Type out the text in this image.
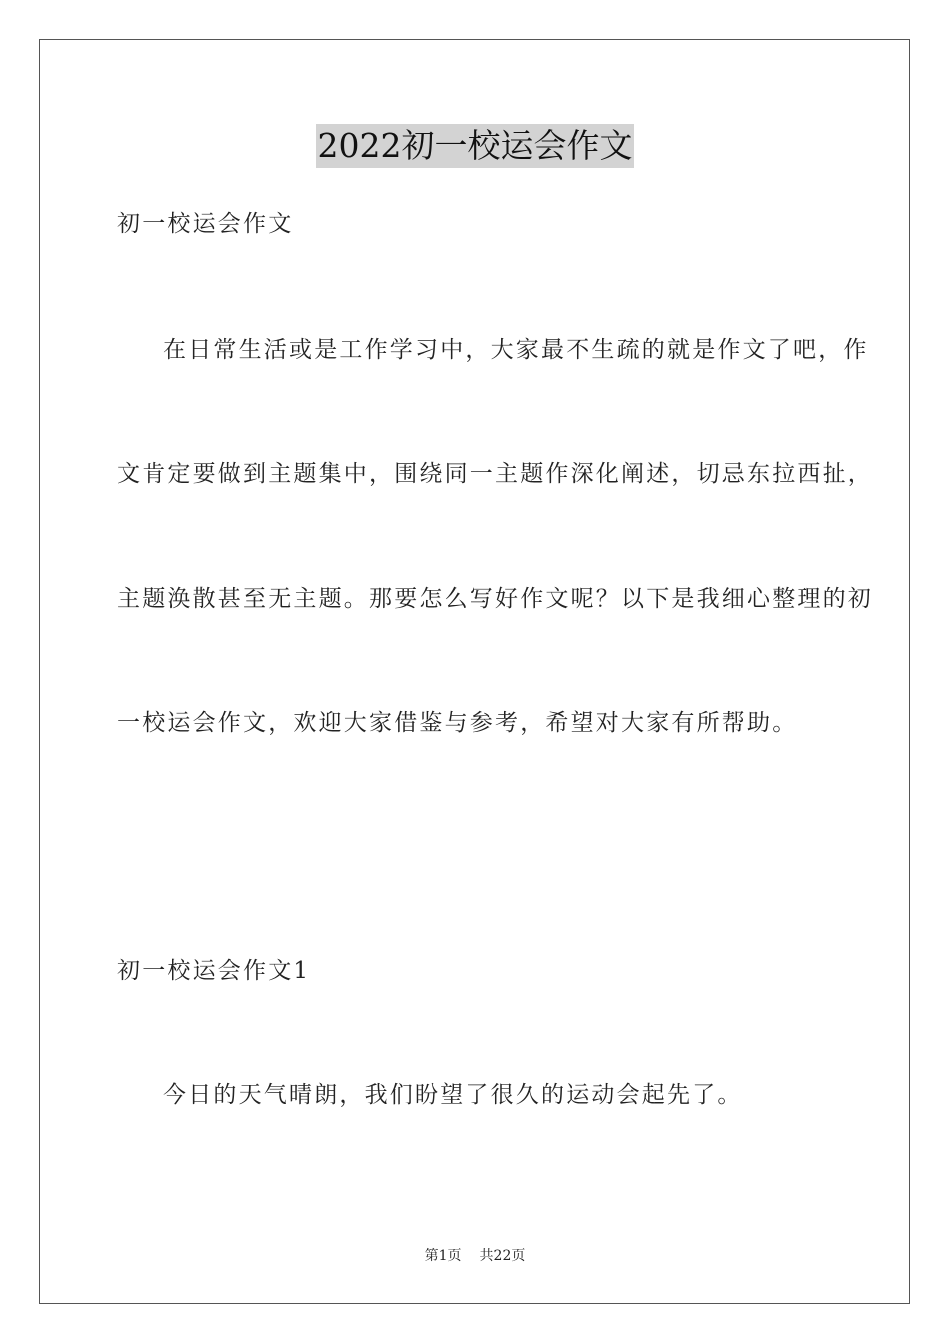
2022初一校运会作文
初一校运会作文
在日常生活或是工作学习中，大家最不生疏的就是作文了吧，作
文肯定要做到主题集中，围绕同一主题作深化阐述，切忌东拉西扯，
主题涣散甚至无主题。那要怎么写好作文呢？以下是我细心整理的初
一校运会作文，欢迎大家借鉴与参考，希望对大家有所帮助。
初一校运会作文1
今日的天气晴朗，我们盼望了很久的运动会起先了。
第1页 共22页
